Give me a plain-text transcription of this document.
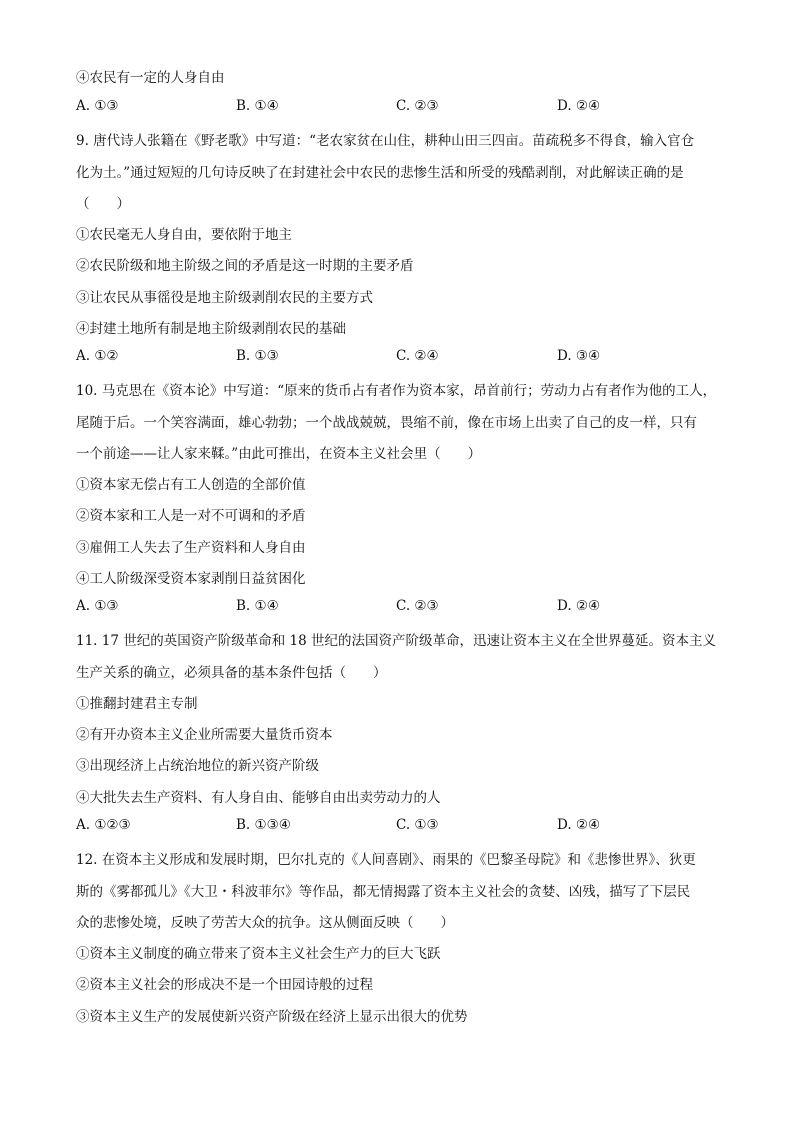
④农民有一定的人身自由
A. ①③	B. ①④	C. ②③	D. ②④
9. 唐代诗人张籍在《野老歌》中写道：“老农家贫在山住，耕种山田三四亩。苗疏税多不得食，输入官仓
化为土。”通过短短的几句诗反映了在封建社会中农民的悲惨生活和所受的残酷剥削，对此解读正确的是
（　　）
①农民毫无人身自由，要依附于地主
②农民阶级和地主阶级之间的矛盾是这一时期的主要矛盾
③让农民从事徭役是地主阶级剥削农民的主要方式
④封建土地所有制是地主阶级剥削农民的基础
A. ①②	B. ①③	C. ②④	D. ③④
10. 马克思在《资本论》中写道：“原来的货币占有者作为资本家，昂首前行；劳动力占有者作为他的工人，
尾随于后。一个笑容满面，雄心勃勃；一个战战兢兢，畏缩不前，像在市场上出卖了自己的皮一样，只有
一个前途——让人家来鞣。”由此可推出，在资本主义社会里（　　）
①资本家无偿占有工人创造的全部价值
②资本家和工人是一对不可调和的矛盾
③雇佣工人失去了生产资料和人身自由
④工人阶级深受资本家剥削日益贫困化
A. ①③	B. ①④	C. ②③	D. ②④
11. 17 世纪的英国资产阶级革命和 18 世纪的法国资产阶级革命，迅速让资本主义在全世界蔓延。资本主义
生产关系的确立，必须具备的基本条件包括（　　）
①推翻封建君主专制
②有开办资本主义企业所需要大量货币资本
③出现经济上占统治地位的新兴资产阶级
④大批失去生产资料、有人身自由、能够自由出卖劳动力的人
A. ①②③	B. ①③④	C. ①③	D. ②④
12. 在资本主义形成和发展时期，巴尔扎克的《人间喜剧》、雨果的《巴黎圣母院》和《悲惨世界》、狄更
斯的《雾都孤儿》《大卫・科波菲尔》等作品，都无情揭露了资本主义社会的贪婪、凶残，描写了下层民
众的悲惨处境，反映了劳苦大众的抗争。这从侧面反映（　　）
①资本主义制度的确立带来了资本主义社会生产力的巨大飞跃
②资本主义社会的形成决不是一个田园诗般的过程
③资本主义生产的发展使新兴资产阶级在经济上显示出很大的优势
